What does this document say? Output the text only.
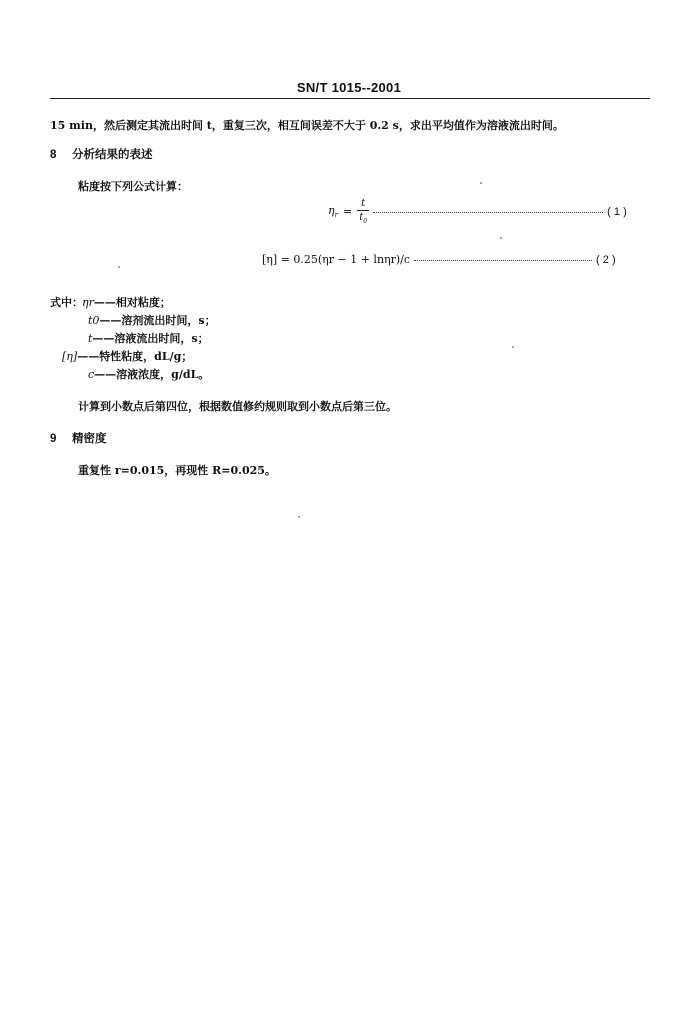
SN/T 1015--2001
15 min，然后测定其流出时间 t，重复三次，相互间误差不大于 0.2 s，求出平均值作为溶液流出时间。
8 分析结果的表述
粘度按下列公式计算：
$\eta_r = \frac{t}{t_0}$	( 1 )
[η] = 0.25(ηr − 1 + lnηr)/c	( 2 )
式中： ηr——相对粘度；
t0——溶剂流出时间，s；
t——溶液流出时间，s；
[η]——特性粘度，dL/g；
c——溶液浓度，g/dL。
计算到小数点后第四位，根据数值修约规则取到小数点后第三位。
9 精密度
重复性 r=0.015，再现性 R=0.025。
